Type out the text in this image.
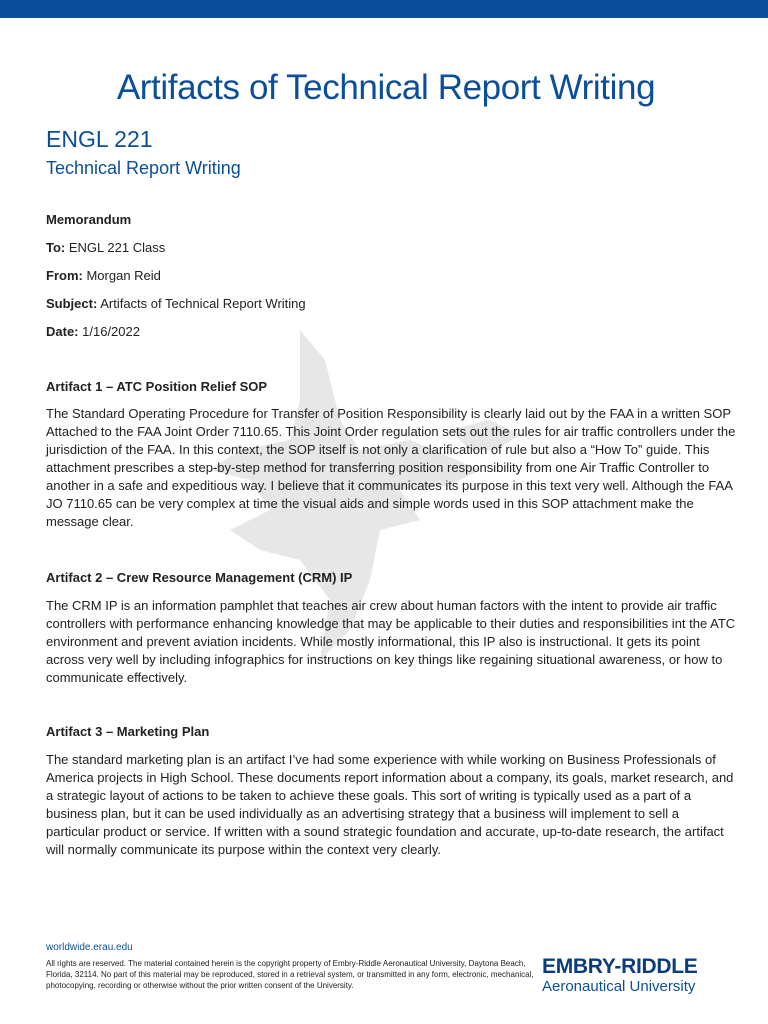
Artifacts of Technical Report Writing
ENGL 221
Technical Report Writing
Memorandum
To: ENGL 221 Class
From: Morgan Reid
Subject: Artifacts of Technical Report Writing
Date: 1/16/2022
Artifact 1 – ATC Position Relief SOP
The Standard Operating Procedure for Transfer of Position Responsibility is clearly laid out by the FAA in a written SOP Attached to the FAA Joint Order 7110.65. This Joint Order regulation sets out the rules for air traffic controllers under the jurisdiction of the FAA. In this context, the SOP itself is not only a clarification of rule but also a “How To” guide. This attachment prescribes a step-by-step method for transferring position responsibility from one Air Traffic Controller to another in a safe and expeditious way. I believe that it communicates its purpose in this text very well. Although the FAA JO 7110.65 can be very complex at time the visual aids and simple words used in this SOP attachment make the message clear.
Artifact 2 – Crew Resource Management (CRM) IP
The CRM IP is an information pamphlet that teaches air crew about human factors with the intent to provide air traffic controllers with performance enhancing knowledge that may be applicable to their duties and responsibilities int the ATC environment and prevent aviation incidents. While mostly informational, this IP also is instructional. It gets its point across very well by including infographics for instructions on key things like regaining situational awareness, or how to communicate effectively.
Artifact 3 – Marketing Plan
The standard marketing plan is an artifact I’ve had some experience with while working on Business Professionals of America projects in High School. These documents report information about a company, its goals, market research, and a strategic layout of actions to be taken to achieve these goals. This sort of writing is typically used as a part of a business plan, but it can be used individually as an advertising strategy that a business will implement to sell a particular product or service. If written with a sound strategic foundation and accurate, up-to-date research, the artifact will normally communicate its purpose within the context very clearly.
worldwide.erau.edu
All rights are reserved. The material contained herein is the copyright property of Embry-Riddle Aeronautical University, Daytona Beach, Florida, 32114. No part of this material may be reproduced, stored in a retrieval system, or transmitted in any form, electronic, mechanical, photocopying, recording or otherwise without the prior written consent of the University.
EMBRY-RIDDLE
Aeronautical University
